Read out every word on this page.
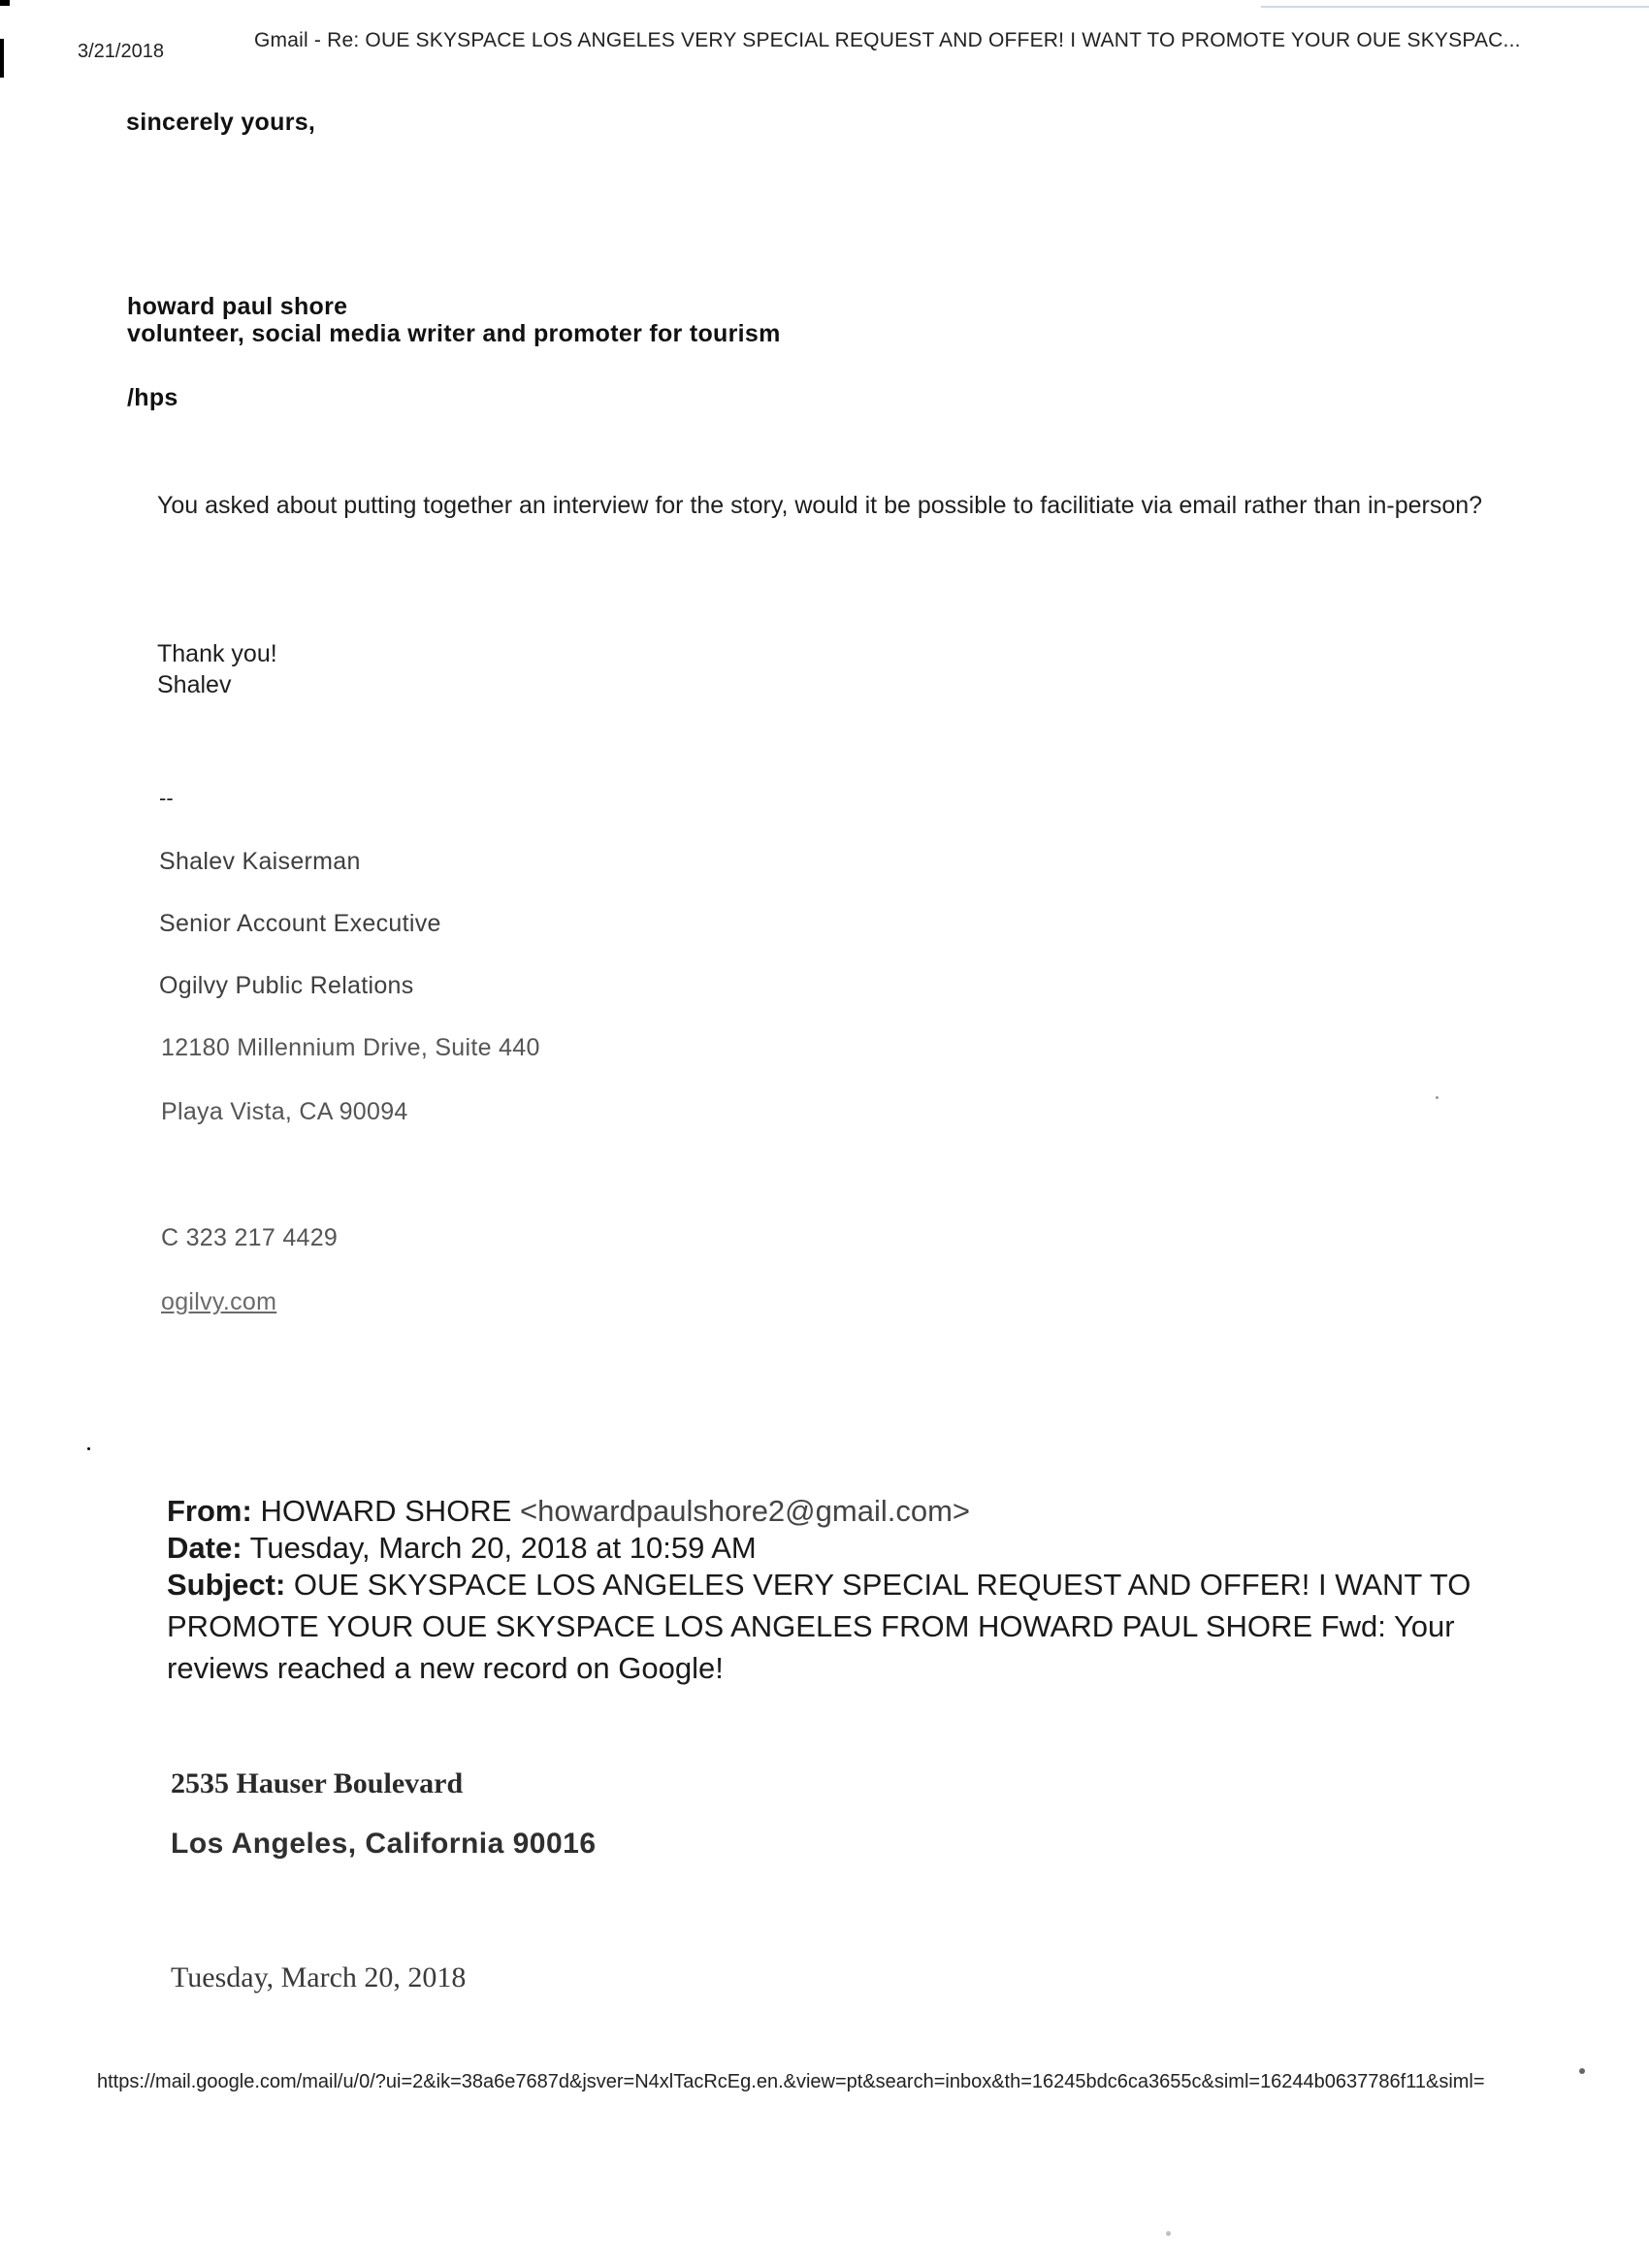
3/21/2018	Gmail - Re: OUE SKYSPACE LOS ANGELES VERY SPECIAL REQUEST AND OFFER! I WANT TO PROMOTE YOUR OUE SKYSPAC...
sincerely yours,
howard paul shore
volunteer, social media writer and promoter for tourism
/hps
You asked about putting together an interview for the story, would it be possible to facilitiate via email rather than in-person?
Thank you!
Shalev
--
Shalev Kaiserman
Senior Account Executive
Ogilvy Public Relations
12180 Millennium Drive, Suite 440
Playa Vista, CA 90094
C 323 217 4429
ogilvy.com
From: HOWARD SHORE <howardpaulshore2@gmail.com>
Date: Tuesday, March 20, 2018 at 10:59 AM
Subject: OUE SKYSPACE LOS ANGELES VERY SPECIAL REQUEST AND OFFER! I WANT TO PROMOTE YOUR OUE SKYSPACE LOS ANGELES FROM HOWARD PAUL SHORE Fwd: Your reviews reached a new record on Google!
2535 Hauser Boulevard
Los Angeles, California 90016
Tuesday, March 20, 2018
https://mail.google.com/mail/u/0/?ui=2&ik=38a6e7687d&jsver=N4xlTacRcEg.en.&view=pt&search=inbox&th=16245bdc6ca3655c&siml=16244b0637786f11&siml=
